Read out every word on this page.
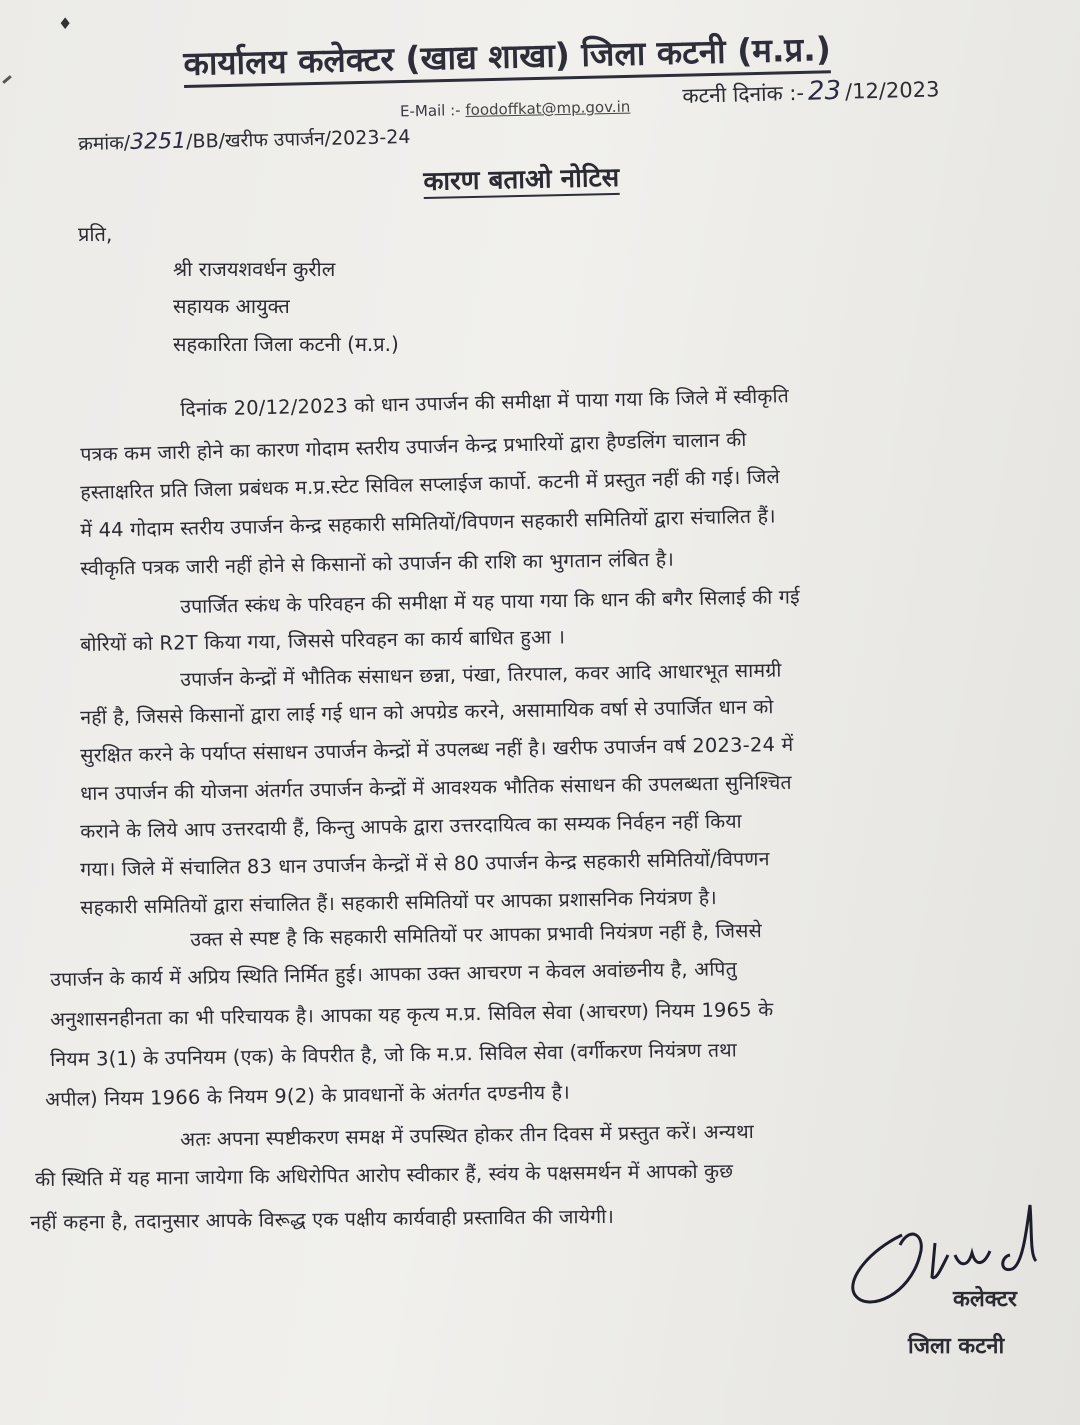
♦
कार्यालय कलेक्टर (खाद्य शाखा) जिला कटनी (म.प्र.)
E-Mail :- foodoffkat@mp.gov.in
कटनी दिनांक :- 23 /12/2023
क्रमांक/3251/BB/खरीफ उपार्जन/2023-24
कारण बताओ नोटिस
प्रति,
श्री राजयशवर्धन कुरील
सहायक आयुक्त
सहकारिता जिला कटनी (म.प्र.)
दिनांक 20/12/2023 को धान उपार्जन की समीक्षा में पाया गया कि जिले में स्वीकृति
पत्रक कम जारी होने का कारण गोदाम स्तरीय उपार्जन केन्द्र प्रभारियों द्वारा हैण्डलिंग चालान की
हस्ताक्षरित प्रति जिला प्रबंधक म.प्र.स्टेट सिविल सप्लाईज कार्पो. कटनी में प्रस्तुत नहीं की गई। जिले
में 44 गोदाम स्तरीय उपार्जन केन्द्र सहकारी समितियों/विपणन सहकारी समितियों द्वारा संचालित हैं।
स्वीकृति पत्रक जारी नहीं होने से किसानों को उपार्जन की राशि का भुगतान लंबित है।
उपार्जित स्कंध के परिवहन की समीक्षा में यह पाया गया कि धान की बगैर सिलाई की गई
बोरियों को R2T किया गया, जिससे परिवहन का कार्य बाधित हुआ ।
उपार्जन केन्द्रों में भौतिक संसाधन छन्ना, पंखा, तिरपाल, कवर आदि आधारभूत सामग्री
नहीं है, जिससे किसानों द्वारा लाई गई धान को अपग्रेड करने, असामायिक वर्षा से उपार्जित धान को
सुरक्षित करने के पर्याप्त संसाधन उपार्जन केन्द्रों में उपलब्ध नहीं है। खरीफ उपार्जन वर्ष 2023-24 में
धान उपार्जन की योजना अंतर्गत उपार्जन केन्द्रों में आवश्यक भौतिक संसाधन की उपलब्धता सुनिश्चित
कराने के लिये आप उत्तरदायी हैं, किन्तु आपके द्वारा उत्तरदायित्व का सम्यक निर्वहन नहीं किया
गया। जिले में संचालित 83 धान उपार्जन केन्द्रों में से 80 उपार्जन केन्द्र सहकारी समितियों/विपणन
सहकारी समितियों द्वारा संचालित हैं। सहकारी समितियों पर आपका प्रशासनिक नियंत्रण है।
उक्त से स्पष्ट है कि सहकारी समितियों पर आपका प्रभावी नियंत्रण नहीं है, जिससे
उपार्जन के कार्य में अप्रिय स्थिति निर्मित हुई। आपका उक्त आचरण न केवल अवांछनीय है, अपितु
अनुशासनहीनता का भी परिचायक है। आपका यह कृत्य म.प्र. सिविल सेवा (आचरण) नियम 1965 के
नियम 3(1) के उपनियम (एक) के विपरीत है, जो कि म.प्र. सिविल सेवा (वर्गीकरण नियंत्रण तथा
अपील) नियम 1966 के नियम 9(2) के प्रावधानों के अंतर्गत दण्डनीय है।
अतः अपना स्पष्टीकरण समक्ष में उपस्थित होकर तीन दिवस में प्रस्तुत करें। अन्यथा
की स्थिति में यह माना जायेगा कि अधिरोपित आरोप स्वीकार हैं, स्वंय के पक्षसमर्थन में आपको कुछ
नहीं कहना है, तदानुसार आपके विरूद्ध एक पक्षीय कार्यवाही प्रस्तावित की जायेगी।
कलेक्टर
जिला कटनी
